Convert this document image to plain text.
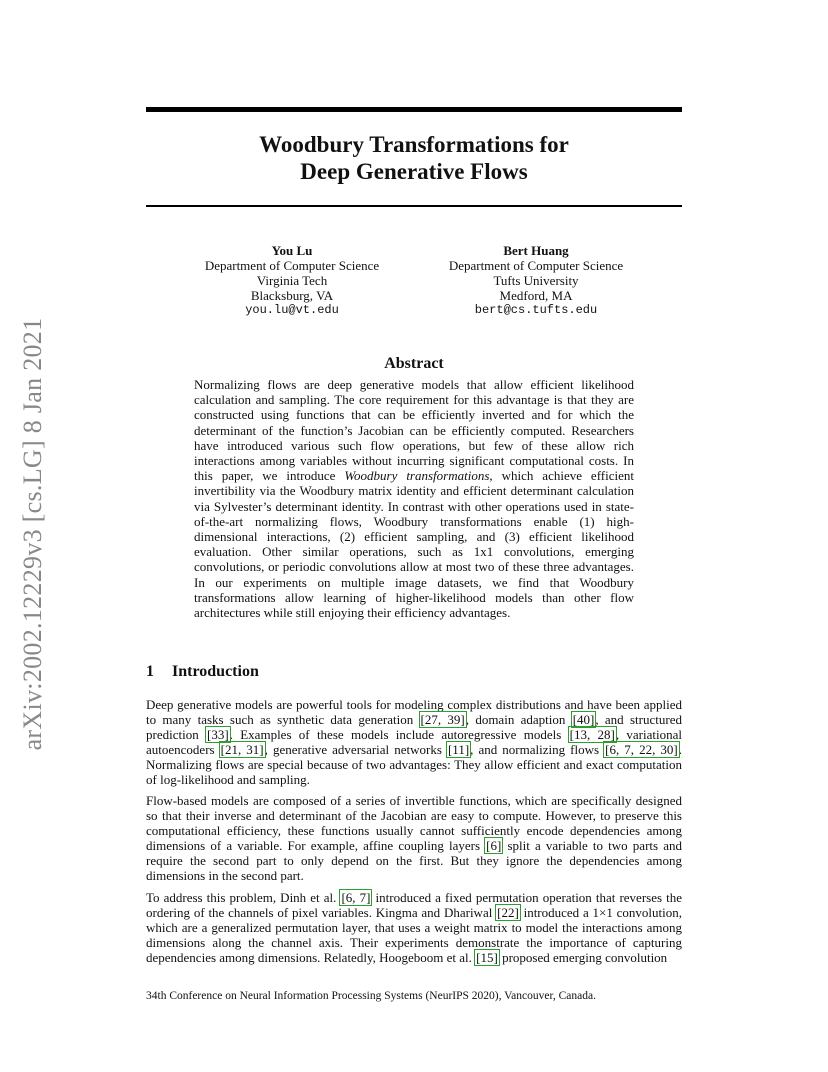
arXiv:2002.12229v3 [cs.LG] 8 Jan 2021
Woodbury Transformations for
Deep Generative Flows
You Lu
Department of Computer Science
Virginia Tech
Blacksburg, VA
you.lu@vt.edu
Bert Huang
Department of Computer Science
Tufts University
Medford, MA
bert@cs.tufts.edu
Abstract
Normalizing flows are deep generative models that allow efficient likelihood calculation and sampling. The core requirement for this advantage is that they are constructed using functions that can be efficiently inverted and for which the determinant of the function’s Jacobian can be efficiently computed. Researchers have introduced various such flow operations, but few of these allow rich interactions among variables without incurring significant computational costs. In this paper, we introduce Woodbury transformations, which achieve efficient invertibility via the Woodbury matrix identity and efficient determinant calculation via Sylvester’s determinant identity. In contrast with other operations used in state-of-the-art normalizing flows, Woodbury transformations enable (1) high-dimensional interactions, (2) efficient sampling, and (3) efficient likelihood evaluation. Other similar operations, such as 1x1 convolutions, emerging convolutions, or periodic convolutions allow at most two of these three advantages. In our experiments on multiple image datasets, we find that Woodbury transformations allow learning of higher-likelihood models than other flow architectures while still enjoying their efficiency advantages.
1 Introduction

Deep generative models are powerful tools for modeling complex distributions and have been applied to many tasks such as synthetic data generation [27, 39], domain adaption [40], and structured prediction [33]. Examples of these models include autoregressive models [13, 28], variational autoencoders [21, 31], generative adversarial networks [11], and normalizing flows [6, 7, 22, 30]. Normalizing flows are special because of two advantages: They allow efficient and exact computation of log-likelihood and sampling.

Flow-based models are composed of a series of invertible functions, which are specifically designed so that their inverse and determinant of the Jacobian are easy to compute. However, to preserve this computational efficiency, these functions usually cannot sufficiently encode dependencies among dimensions of a variable. For example, affine coupling layers [6] split a variable to two parts and require the second part to only depend on the first. But they ignore the dependencies among dimensions in the second part.

To address this problem, Dinh et al. [6, 7] introduced a fixed permutation operation that reverses the ordering of the channels of pixel variables. Kingma and Dhariwal [22] introduced a 1×1 convolution, which are a generalized permutation layer, that uses a weight matrix to model the interactions among dimensions along the channel axis. Their experiments demonstrate the importance of capturing dependencies among dimensions. Relatedly, Hoogeboom et al. [15] proposed emerging convolution

34th Conference on Neural Information Processing Systems (NeurIPS 2020), Vancouver, Canada.
